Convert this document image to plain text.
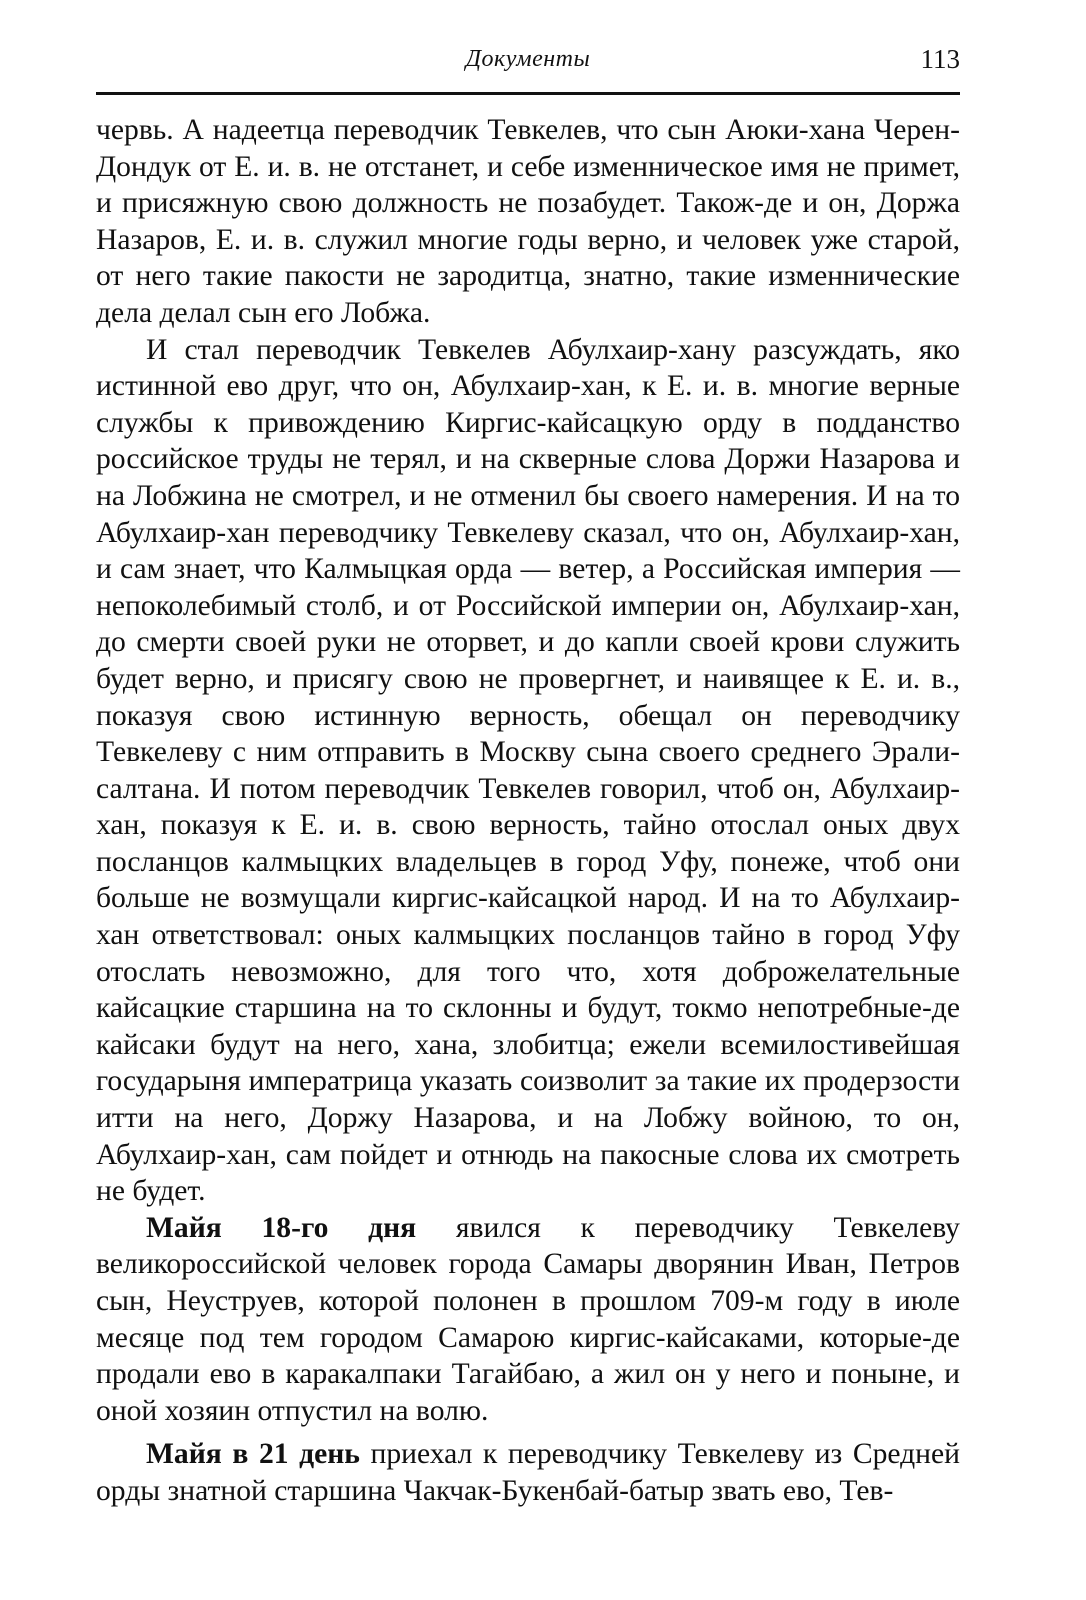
Документы	113

червь. А надеетца переводчик Тевкелев, что сын Аюки-хана Черен-Дондук от Е. и. в. не отстанет, и себе изменническое имя не примет, и присяжную свою должность не позабудет. Також-де и он, Доржа Назаров, Е. и. в. служил многие годы верно, и человек уже старой, от него такие пакости не зародитца, знатно, такие изменнические дела делал сын его Лобжа.

И стал переводчик Тевкелев Абулхаир-хану разсуждать, яко истинной ево друг, что он, Абулхаир-хан, к Е. и. в. многие верные службы к привождению Киргис-кайсацкую орду в подданство российское труды не терял, и на скверные слова Доржи Назарова и на Лобжина не смотрел, и не отменил бы своего намерения. И на то Абулхаир-хан переводчику Тевкелеву сказал, что он, Абулхаир-хан, и сам знает, что Калмыцкая орда — ветер, а Российская империя — непоколебимый столб, и от Российской империи он, Абулхаир-хан, до смерти своей руки не оторвет, и до капли своей крови служить будет верно, и присягу свою не провергнет, и наивящее к Е. и. в., показуя свою истинную верность, обещал он переводчику Тевкелеву с ним отправить в Москву сына своего среднего Эрали-салтана. И потом переводчик Тевкелев говорил, чтоб он, Абулхаир-хан, показуя к Е. и. в. свою верность, тайно отослал оных двух посланцов калмыцких владельцев в город Уфу, понеже, чтоб они больше не возмущали киргис-кайсацкой народ. И на то Абулхаир-хан ответствовал: оных калмыцких посланцов тайно в город Уфу отослать невозможно, для того что, хотя доброжелательные кайсацкие старшина на то склонны и будут, токмо непотребные-де кайсаки будут на него, хана, злобитца; ежели всемилостивейшая государыня императрица указать соизволит за такие их продерзости итти на него, Доржу Назарова, и на Лобжу войною, то он, Абулхаир-хан, сам пойдет и отнюдь на пакосные слова их смотреть не будет.

Майя 18-го дня явился к переводчику Тевкелеву великороссийской человек города Самары дворянин Иван, Петров сын, Неуструев, которой полонен в прошлом 709-м году в июле месяце под тем городом Самарою киргис-кайсаками, которые-де продали ево в каракалпаки Тагайбаю, а жил он у него и поныне, и оной хозяин отпустил на волю.

Майя в 21 день приехал к переводчику Тевкелеву из Средней орды знатной старшина Чакчак-Букенбай-батыр звать ево, Тев-
